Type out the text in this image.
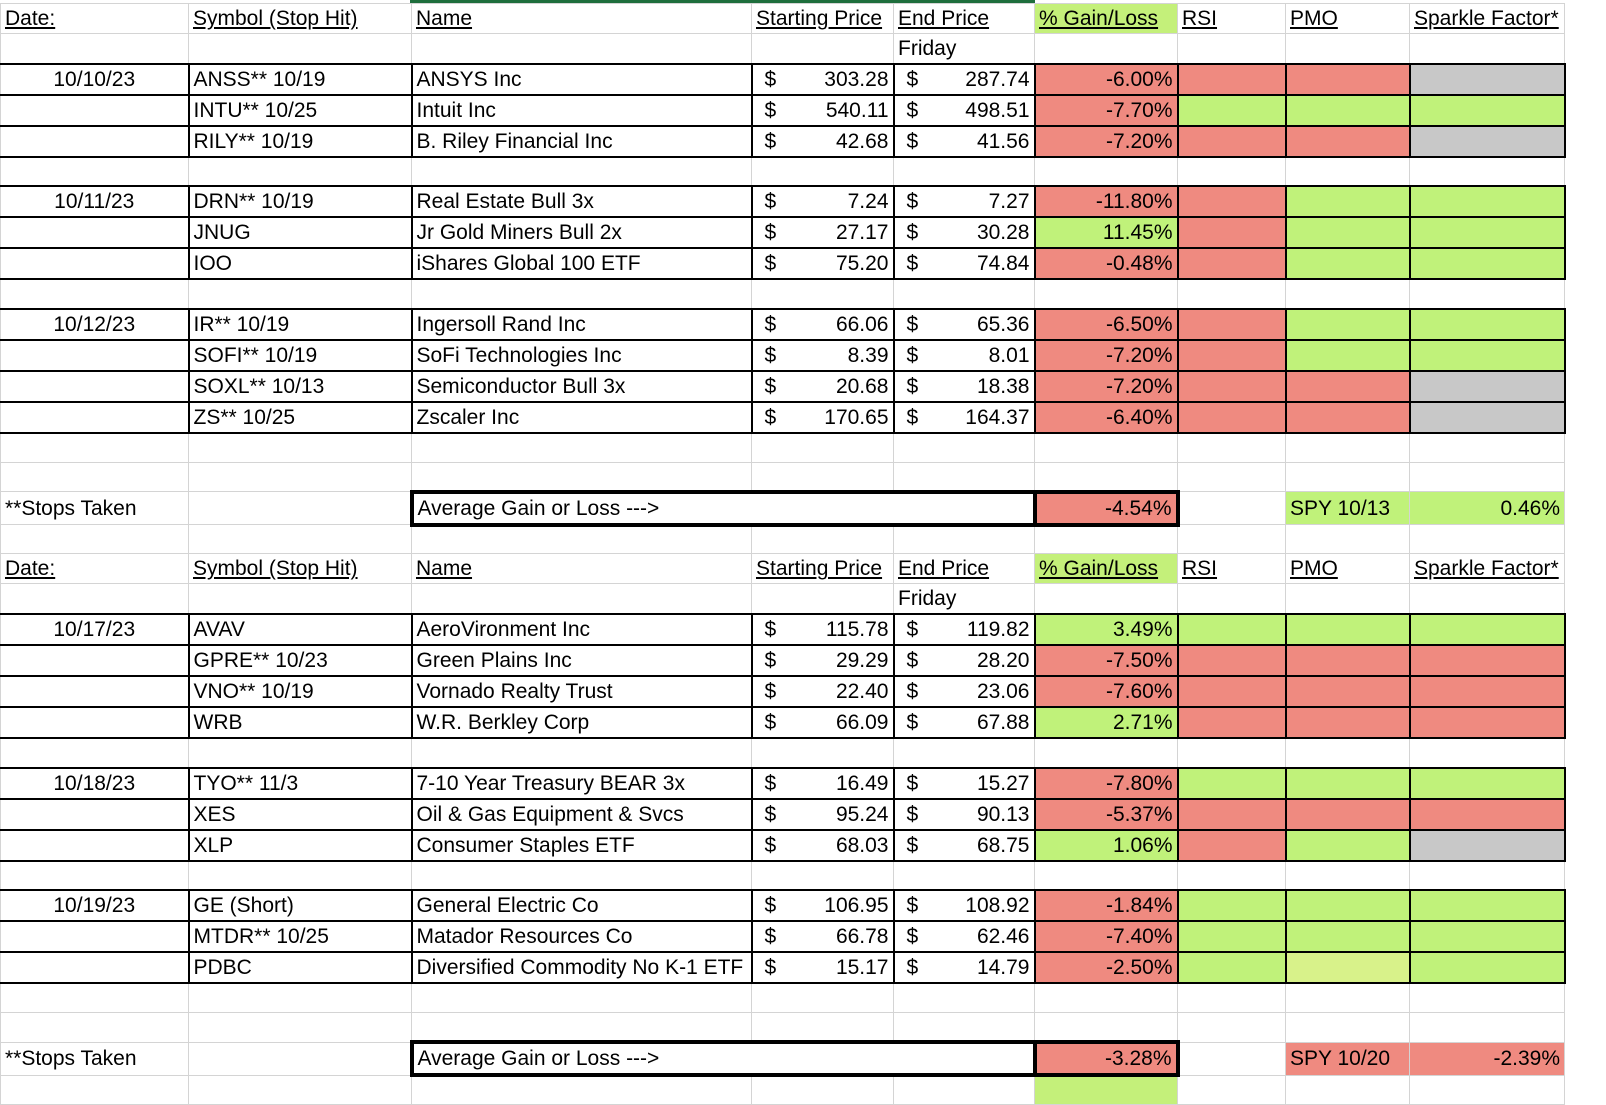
Date:	Symbol (Stop Hit)	Name	Starting Price	End Price	% Gain/Loss	RSI	PMO	Sparkle Factor*
				Friday				
10/10/23	ANSS** 10/19	ANSYS Inc	$ 303.28	$ 287.74	-6.00%			
	INTU** 10/25	Intuit Inc	$ 540.11	$ 498.51	-7.70%			
	RILY** 10/19	B. Riley Financial Inc	$ 42.68	$ 41.56	-7.20%			

10/11/23	DRN** 10/19	Real Estate Bull 3x	$ 7.24	$ 7.27	-11.80%			
	JNUG	Jr Gold Miners Bull 2x	$ 27.17	$ 30.28	11.45%			
	IOO	iShares Global 100 ETF	$ 75.20	$ 74.84	-0.48%			

10/12/23	IR** 10/19	Ingersoll Rand Inc	$ 66.06	$ 65.36	-6.50%			
	SOFI** 10/19	SoFi Technologies Inc	$ 8.39	$ 8.01	-7.20%			
	SOXL** 10/13	Semiconductor Bull 3x	$ 20.68	$ 18.38	-7.20%			
	ZS** 10/25	Zscaler Inc	$ 170.65	$ 164.37	-6.40%			

**Stops Taken		Average Gain or Loss --->			-4.54%		SPY 10/13	0.46%

Date:	Symbol (Stop Hit)	Name	Starting Price	End Price	% Gain/Loss	RSI	PMO	Sparkle Factor*
				Friday				
10/17/23	AVAV	AeroVironment Inc	$ 115.78	$ 119.82	3.49%			
	GPRE** 10/23	Green Plains Inc	$ 29.29	$ 28.20	-7.50%			
	VNO** 10/19	Vornado Realty Trust	$ 22.40	$ 23.06	-7.60%			
	WRB	W.R. Berkley Corp	$ 66.09	$ 67.88	2.71%			

10/18/23	TYO** 11/3	7-10 Year Treasury BEAR 3x	$ 16.49	$ 15.27	-7.80%			
	XES	Oil & Gas Equipment & Svcs	$ 95.24	$ 90.13	-5.37%			
	XLP	Consumer Staples ETF	$ 68.03	$ 68.75	1.06%			

10/19/23	GE (Short)	General Electric Co	$ 106.95	$ 108.92	-1.84%			
	MTDR** 10/25	Matador Resources Co	$ 66.78	$ 62.46	-7.40%			
	PDBC	Diversified Commodity No K-1 ETF	$ 15.17	$ 14.79	-2.50%			

**Stops Taken		Average Gain or Loss --->			-3.28%		SPY 10/20	-2.39%
